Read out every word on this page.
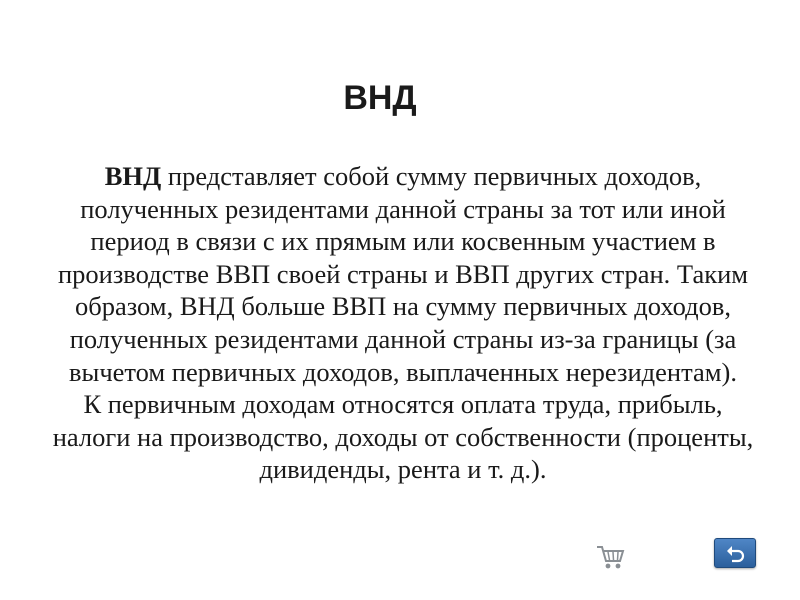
ВНД
ВНД представляет собой сумму первичных доходов, полученных резидентами данной страны за тот или иной период в связи с их прямым или косвенным участием в производстве ВВП своей страны и ВВП других стран. Таким образом, ВНД больше ВВП на сумму первичных доходов, полученных резидентами данной страны из-за границы (за вычетом первичных доходов, выплаченных нерезидентам).
К первичным доходам относятся оплата труда, прибыль, налоги на производство, доходы от собственности (проценты, дивиденды, рента и т. д.).
